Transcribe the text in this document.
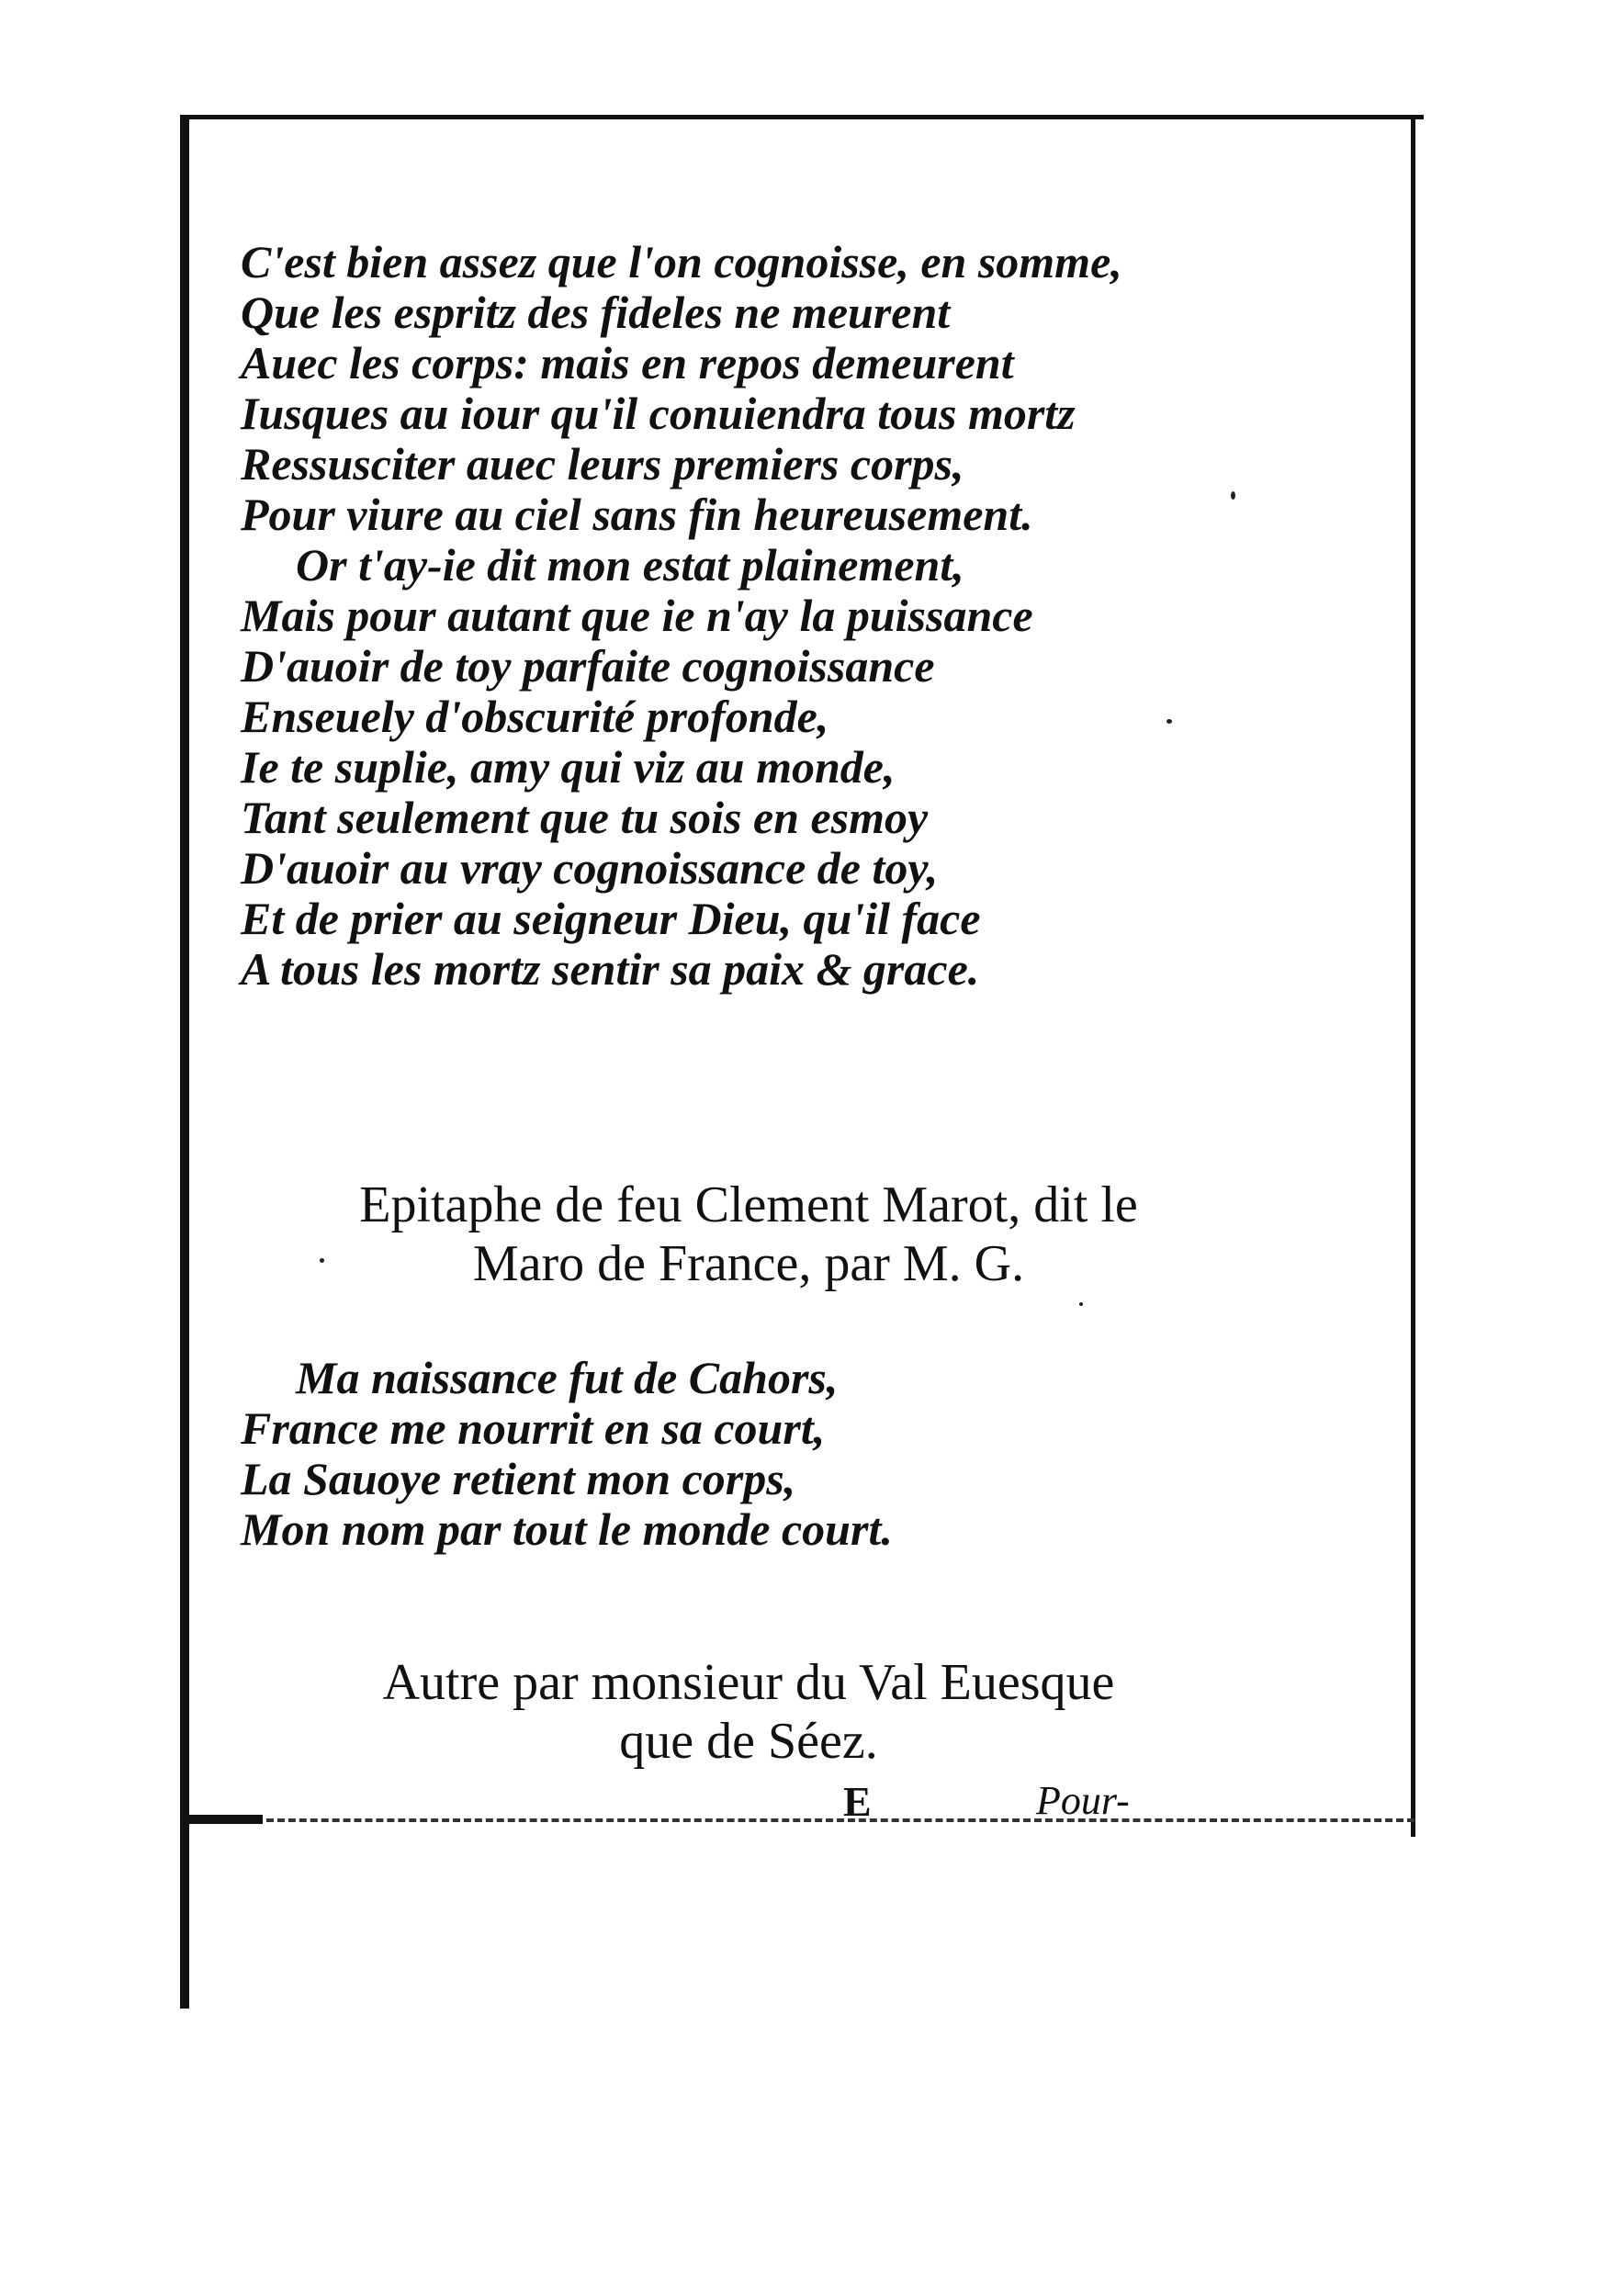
C'est bien assez que l'on cognoisse, en somme,
Que les espritz des fideles ne meurent
Auec les corps: mais en repos demeurent
Iusques au iour qu'il conuiendra tous mortz
Ressusciter auec leurs premiers corps,
Pour viure au ciel sans fin heureusement.
Or t'ay-ie dit mon estat plainement,
Mais pour autant que ie n'ay la puissance
D'auoir de toy parfaite cognoissance
Enseuely d'obscurité profonde,
Ie te suplie, amy qui viz au monde,
Tant seulement que tu sois en esmoy
D'auoir au vray cognoissance de toy,
Et de prier au seigneur Dieu, qu'il face
A tous les mortz sentir sa paix & grace.
Epitaphe de feu Clement Marot, dit le
Maro de France, par M. G.
Ma naissance fut de Cahors,
France me nourrit en sa court,
La Sauoye retient mon corps,
Mon nom par tout le monde court.
Autre par monsieur du Val Euesque
que de Séez.
E	Pour-
